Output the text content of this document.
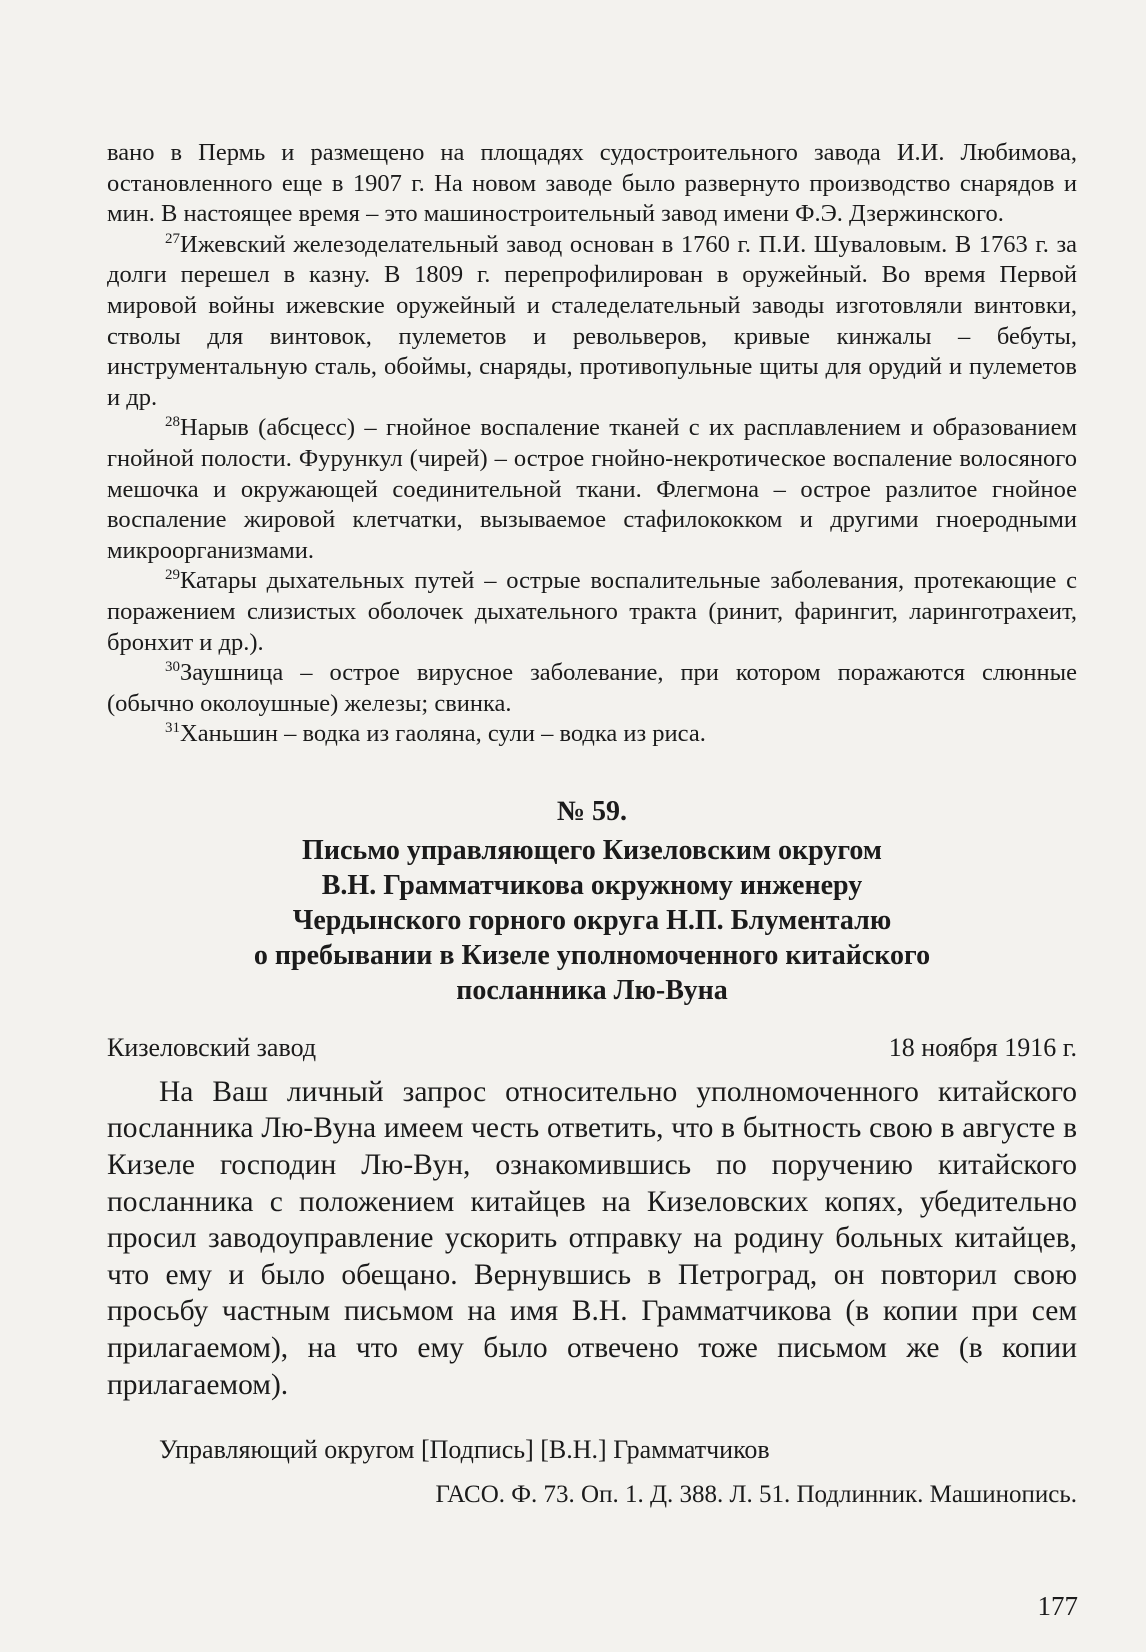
вано в Пермь и размещено на площадях судостроительного завода И.И. Любимова, остановленного еще в 1907 г. На новом заводе было развернуто производство снарядов и мин. В настоящее время – это машиностроительный завод имени Ф.Э. Дзержинского.

$^{27}$Ижевский железоделательный завод основан в 1760 г. П.И. Шуваловым. В 1763 г. за долги перешел в казну. В 1809 г. перепрофилирован в оружейный. Во время Первой мировой войны ижевские оружейный и сталеделательный заводы изготовляли винтовки, стволы для винтовок, пулеметов и револьверов, кривые кинжалы – бебуты, инструментальную сталь, обоймы, снаряды, противопульные щиты для орудий и пулеметов и др.

$^{28}$Нарыв (абсцесс) – гнойное воспаление тканей с их расплавлением и образованием гнойной полости. Фурункул (чирей) – острое гнойно-некротическое воспаление волосяного мешочка и окружающей соединительной ткани. Флегмона – острое разлитое гнойное воспаление жировой клетчатки, вызываемое стафилококком и другими гноеродными микроорганизмами.

$^{29}$Катары дыхательных путей – острые воспалительные заболевания, протекающие с поражением слизистых оболочек дыхательного тракта (ринит, фарингит, ларинготрахеит, бронхит и др.).

$^{30}$Заушница – острое вирусное заболевание, при котором поражаются слюнные (обычно околоушные) железы; свинка.

$^{31}$Ханьшин – водка из гаоляна, сули – водка из риса.

№ 59.
Письмо управляющего Кизеловским округом
В.Н. Грамматчикова окружному инженеру
Чердынского горного округа Н.П. Блументалю
о пребывании в Кизеле уполномоченного китайского
посланника Лю-Вуна
Кизеловский завод	18 ноября 1916 г.

На Ваш личный запрос относительно уполномоченного китайского посланника Лю-Вуна имеем честь ответить, что в бытность свою в августе в Кизеле господин Лю-Вун, ознакомившись по поручению китайского посланника с положением китайцев на Кизеловских копях, убедительно просил заводоуправление ускорить отправку на родину больных китайцев, что ему и было обещано. Вернувшись в Петроград, он повторил свою просьбу частным письмом на имя В.Н. Грамматчикова (в копии при сем прилагаемом), на что ему было отвечено тоже письмом же (в копии прилагаемом).

Управляющий округом [Подпись] [В.Н.] Грамматчиков
ГАСО. Ф. 73. Оп. 1. Д. 388. Л. 51. Подлинник. Машинопись.
177
